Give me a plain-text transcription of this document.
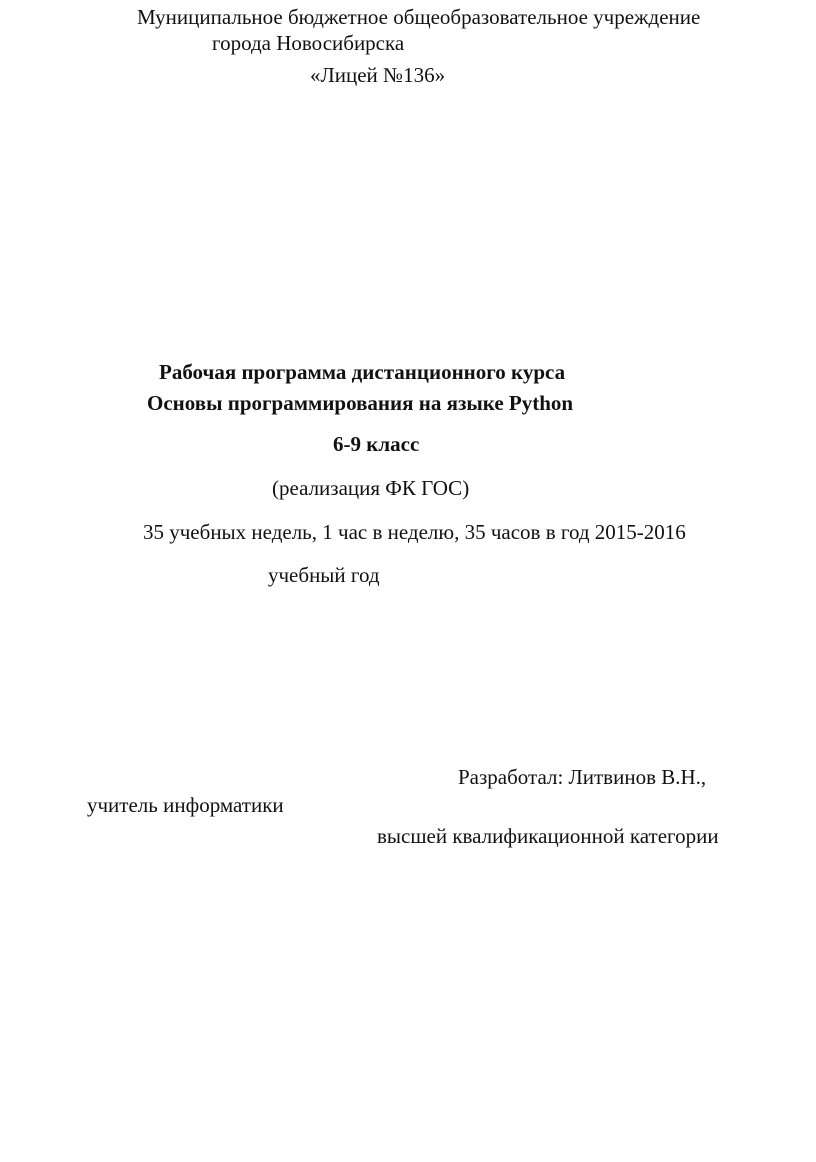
Муниципальное бюджетное общеобразовательное учреждение
города Новосибирска
«Лицей №136»
Рабочая программа дистанционного курса
Основы программирования на языке Python
6-9 класс
(реализация ФК ГОС)
35 учебных недель, 1 час в неделю, 35 часов в год 2015-2016
учебный год
Разработал: Литвинов В.Н.,
учитель информатики
высшей квалификационной категории
